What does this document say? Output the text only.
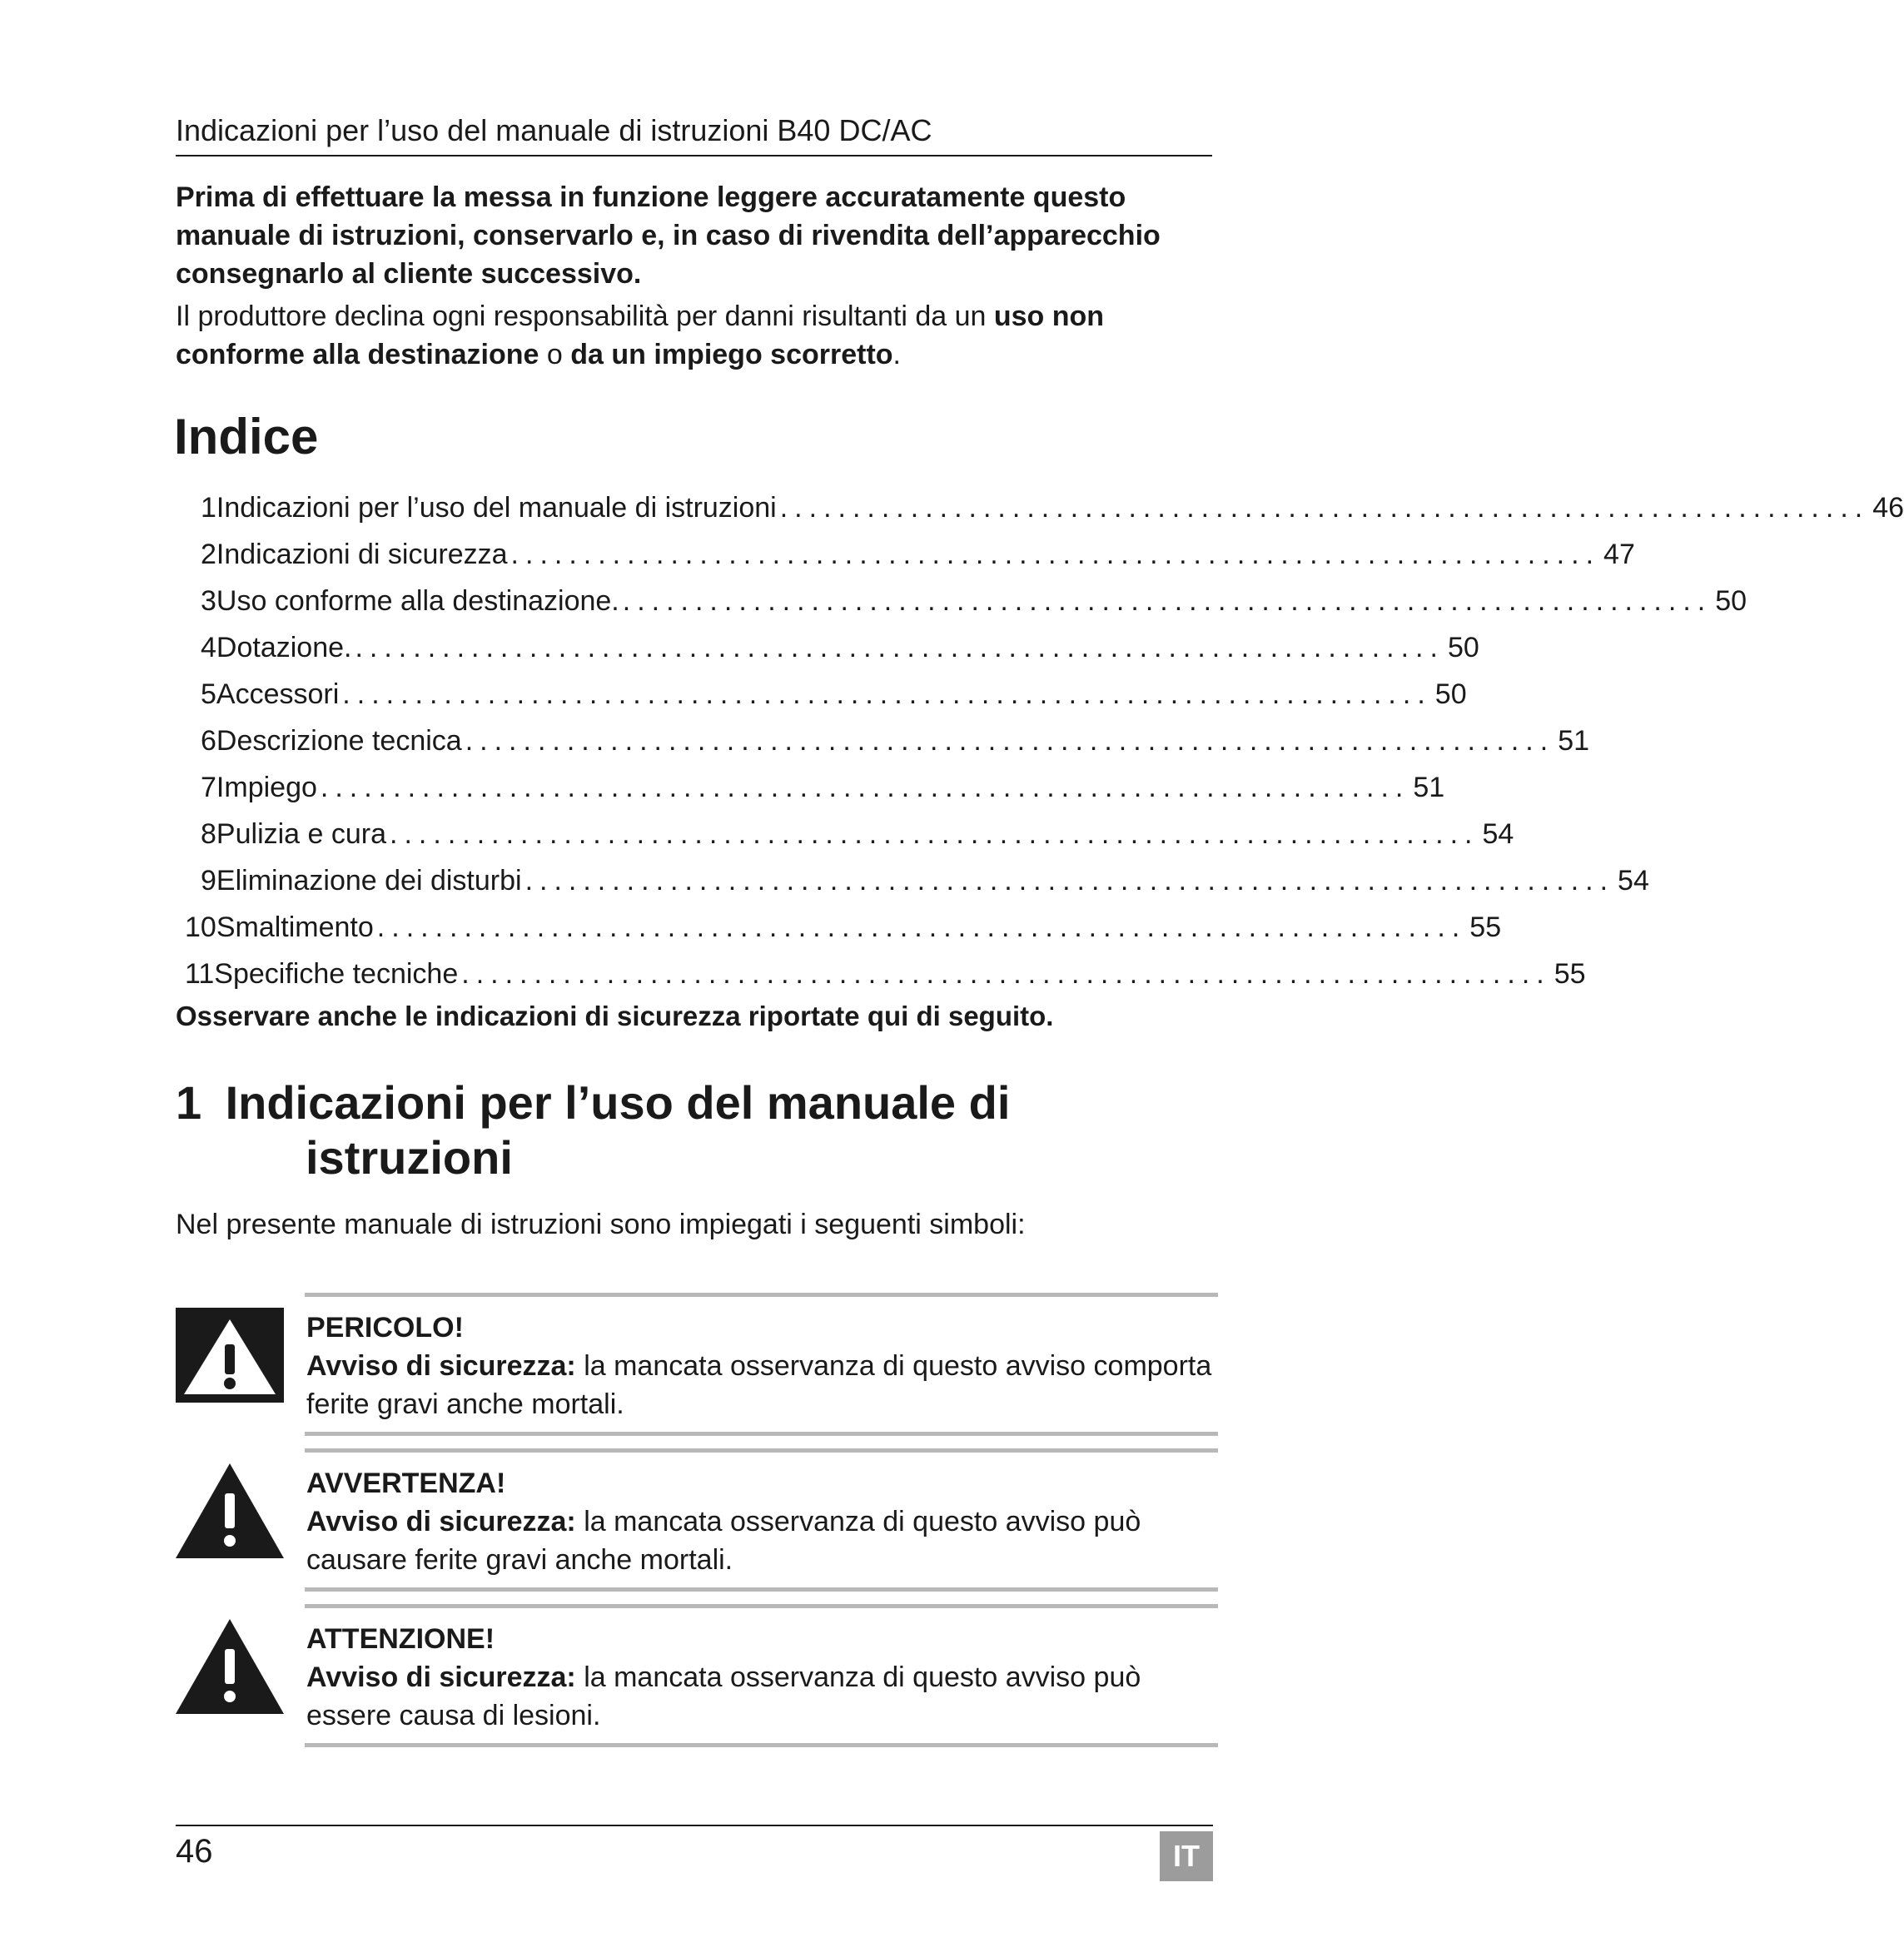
Indicazioni per l’uso del manuale di istruzioni B40 DC/AC
Prima di effettuare la messa in funzione leggere accuratamente questo manuale di istruzioni, conservarlo e, in caso di rivendita dell’apparecchio consegnarlo al cliente successivo.
Il produttore declina ogni responsabilità per danni risultanti da un uso non conforme alla destinazione o da un impiego scorretto.
Indice
1 Indicazioni per l’uso del manuale di istruzioni ........................................................................... 46
2 Indicazioni di sicurezza ........................................................................... 47
3 Uso conforme alla destinazione. ........................................................................... 50
4 Dotazione. ........................................................................... 50
5 Accessori ........................................................................... 50
6 Descrizione tecnica ........................................................................... 51
7 Impiego ........................................................................... 51
8 Pulizia e cura ........................................................................... 54
9 Eliminazione dei disturbi ........................................................................... 54
10 Smaltimento ........................................................................... 55
11 Specifiche tecniche ........................................................................... 55
Osservare anche le indicazioni di sicurezza riportate qui di seguito.
1 Indicazioni per l’uso del manuale di
istruzioni
Nel presente manuale di istruzioni sono impiegati i seguenti simboli:
PERICOLO!
Avviso di sicurezza: la mancata osservanza di questo avviso comporta ferite gravi anche mortali.
AVVERTENZA!
Avviso di sicurezza: la mancata osservanza di questo avviso può causare ferite gravi anche mortali.
ATTENZIONE!
Avviso di sicurezza: la mancata osservanza di questo avviso può essere causa di lesioni.
46	IT
